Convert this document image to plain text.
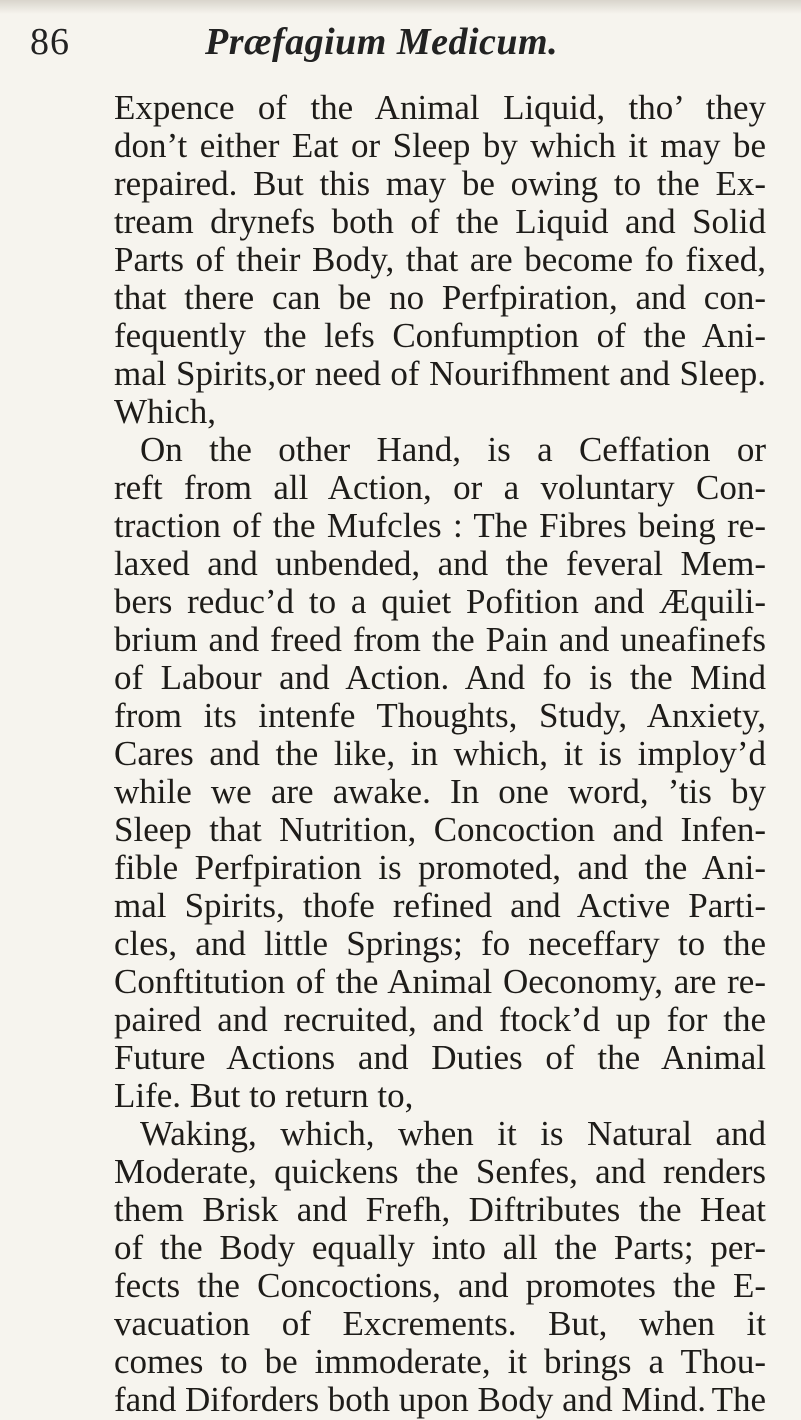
86	Præfagium Medicum.
Expence of the Animal Liquid, tho’ they
don’t either Eat or Sleep by which it may be
repaired. But this may be owing to the Ex-
tream drynefs both of the Liquid and Solid
Parts of their Body, that are become fo fixed,
that there can be no Perfpiration, and con-
fequently the lefs Confumption of the Ani-
mal Spirits,or need of Nourifhment and Sleep.
Which,
On the other Hand, is a Ceffation or
reft from all Action, or a voluntary Con-
traction of the Mufcles : The Fibres being re-
laxed and unbended, and the feveral Mem-
bers reduc’d to a quiet Pofition and Æquili-
brium and freed from the Pain and uneafinefs
of Labour and Action. And fo is the Mind
from its intenfe Thoughts, Study, Anxiety,
Cares and the like, in which, it is imploy’d
while we are awake. In one word, ’tis by
Sleep that Nutrition, Concoction and Infen-
fible Perfpiration is promoted, and the Ani-
mal Spirits, thofe refined and Active Parti-
cles, and little Springs; fo neceffary to the
Conftitution of the Animal Oeconomy, are re-
paired and recruited, and ftock’d up for the
Future Actions and Duties of the Animal
Life. But to return to,
Waking, which, when it is Natural and
Moderate, quickens the Senfes, and renders
them Brisk and Frefh, Diftributes the Heat
of the Body equally into all the Parts; per-
fects the Concoctions, and promotes the E-
vacuation of Excrements. But, when it
comes to be immoderate, it brings a Thou-
fand Diforders both upon Body and Mind. The
